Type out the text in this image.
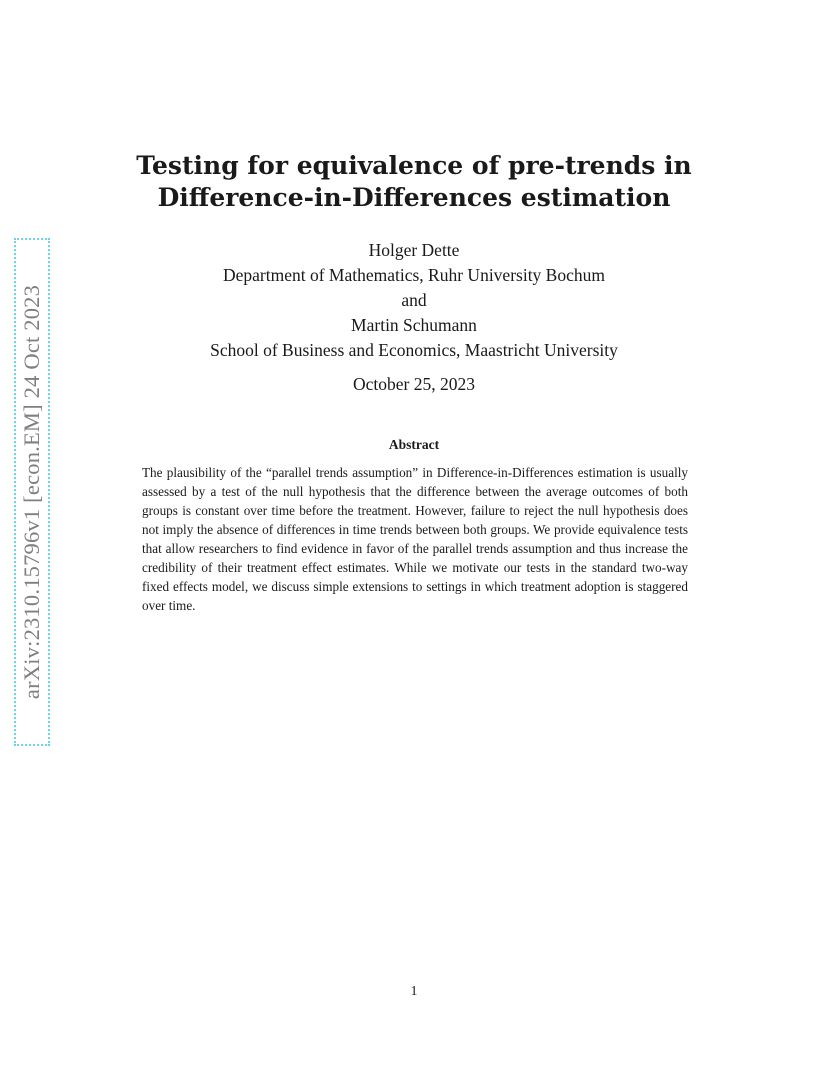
arXiv:2310.15796v1 [econ.EM] 24 Oct 2023
Testing for equivalence of pre-trends in
Difference-in-Differences estimation
Holger Dette
Department of Mathematics, Ruhr University Bochum
and
Martin Schumann
School of Business and Economics, Maastricht University
October 25, 2023
Abstract
The plausibility of the “parallel trends assumption” in Difference-in-Differences estimation is usually assessed by a test of the null hypothesis that the difference between the average outcomes of both groups is constant over time before the treatment. However, failure to reject the null hypothesis does not imply the absence of differences in time trends between both groups. We provide equivalence tests that allow researchers to find evidence in favor of the parallel trends assumption and thus increase the credibility of their treatment effect estimates. While we motivate our tests in the standard two-way fixed effects model, we discuss simple extensions to settings in which treatment adoption is staggered over time.
1
